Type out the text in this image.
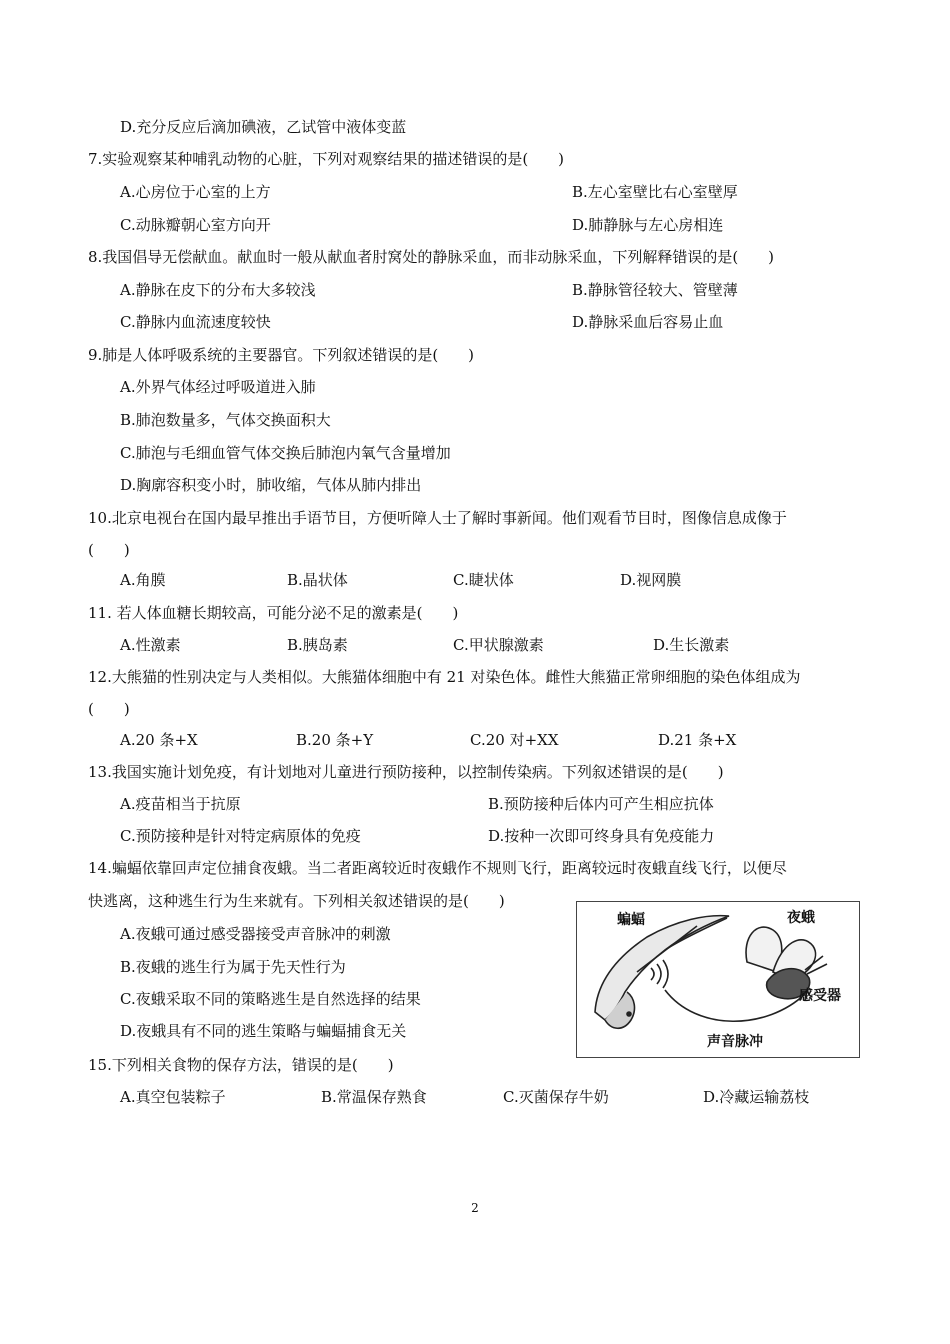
D.充分反应后滴加碘液，乙试管中液体变蓝
7.实验观察某种哺乳动物的心脏，下列对观察结果的描述错误的是(　　)
A.心房位于心室的上方	B.左心室壁比右心室壁厚
C.动脉瓣朝心室方向开	D.肺静脉与左心房相连
8.我国倡导无偿献血。献血时一般从献血者肘窝处的静脉采血，而非动脉采血，下列解释错误的是(　　)
A.静脉在皮下的分布大多较浅	B.静脉管径较大、管壁薄
C.静脉内血流速度较快	D.静脉采血后容易止血
9.肺是人体呼吸系统的主要器官。下列叙述错误的是(　　)
A.外界气体经过呼吸道进入肺
B.肺泡数量多，气体交换面积大
C.肺泡与毛细血管气体交换后肺泡内氧气含量增加
D.胸廓容积变小时，肺收缩，气体从肺内排出
10.北京电视台在国内最早推出手语节目，方便听障人士了解时事新闻。他们观看节目时，图像信息成像于
(　　)
A.角膜	B.晶状体	C.睫状体	D.视网膜
11. 若人体血糖长期较高，可能分泌不足的激素是(　　)
A.性激素	B.胰岛素	C.甲状腺激素	D.生长激素
12.大熊猫的性别决定与人类相似。大熊猫体细胞中有 21 对染色体。雌性大熊猫正常卵细胞的染色体组成为
(　　)
A.20 条+X	B.20 条+Y	C.20 对+XX	D.21 条+X
13.我国实施计划免疫，有计划地对儿童进行预防接种，以控制传染病。下列叙述错误的是(　　)
A.疫苗相当于抗原	B.预防接种后体内可产生相应抗体
C.预防接种是针对特定病原体的免疫	D.按种一次即可终身具有免疫能力
14.蝙蝠依靠回声定位捕食夜蛾。当二者距离较近时夜蛾作不规则飞行，距离较远时夜蛾直线飞行，以便尽
快逃离，这种逃生行为生来就有。下列相关叙述错误的是(　　)
A.夜蛾可通过感受器接受声音脉冲的刺激
B.夜蛾的逃生行为属于先天性行为
C.夜蛾采取不同的策略逃生是自然选择的结果
D.夜蛾具有不同的逃生策略与蝙蝠捕食无关
蝙蝠	夜蛾
感受器
声音脉冲
15.下列相关食物的保存方法，错误的是(　　)
A.真空包装粽子	B.常温保存熟食	C.灭菌保存牛奶	D.冷藏运输荔枝
2
